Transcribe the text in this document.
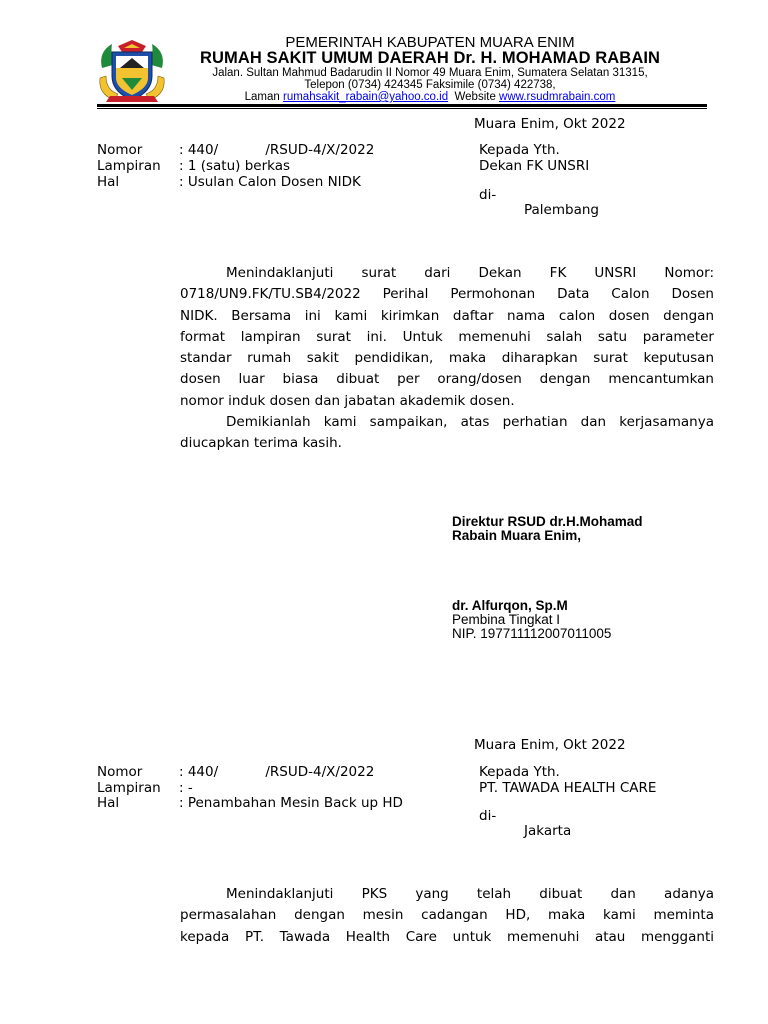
PEMERINTAH KABUPATEN MUARA ENIM
RUMAH SAKIT UMUM DAERAH Dr. H. MOHAMAD RABAIN
Jalan. Sultan Mahmud Badarudin II Nomor 49 Muara Enim, Sumatera Selatan 31315,
Telepon (0734) 424345 Faksimile (0734) 422738,
Laman rumahsakit_rabain@yahoo.co.id  Website www.rsudmrabain.com
Muara Enim, Okt 2022
Nomor	: 440/           /RSUD-4/X/2022
Lampiran : 1 (satu) berkas
Hal	: Usulan Calon Dosen NIDK
Kepada Yth.
Dekan FK UNSRI
di-
Palembang
Menindaklanjuti surat dari Dekan FK UNSRI Nomor:
0718/UN9.FK/TU.SB4/2022 Perihal Permohonan Data Calon Dosen
NIDK. Bersama ini kami kirimkan daftar nama calon dosen dengan
format lampiran surat ini. Untuk memenuhi salah satu parameter
standar rumah sakit pendidikan, maka diharapkan surat keputusan
dosen luar biasa dibuat per orang/dosen dengan mencantumkan
nomor induk dosen dan jabatan akademik dosen.
Demikianlah kami sampaikan, atas perhatian dan kerjasamanya
diucapkan terima kasih.
Direktur RSUD dr.H.Mohamad
Rabain Muara Enim,
dr. Alfurqon, Sp.M
Pembina Tingkat I
NIP. 197711112007011005
Muara Enim, Okt 2022
Nomor	: 440/           /RSUD-4/X/2022
Lampiran : -
Hal	: Penambahan Mesin Back up HD
Kepada Yth.
PT. TAWADA HEALTH CARE
di-
Jakarta
Menindaklanjuti PKS yang telah dibuat dan adanya
permasalahan dengan mesin cadangan HD, maka kami meminta
kepada PT. Tawada Health Care untuk memenuhi atau mengganti
